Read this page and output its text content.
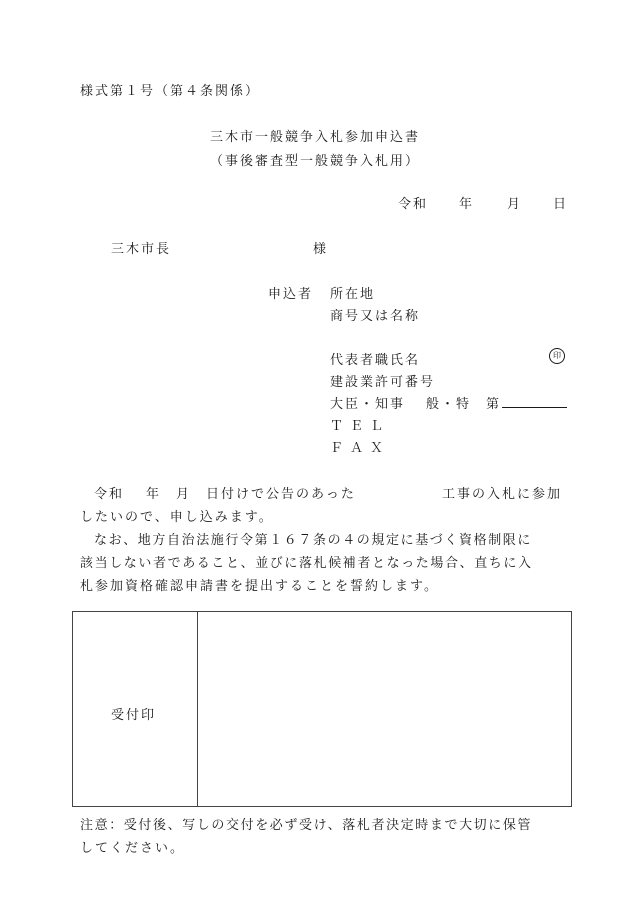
様式第１号（第４条関係）
三木市一般競争入札参加申込書
（事後審査型一般競争入札用）
令和 年	月 日
三木市長	様
申込者 所在地
商号又は名称
代表者職氏名	印
建設業許可番号
大臣・知事 般・特 第
ＴＥＬ
ＦＡＸ
令和 年 月 日付けで公告のあった	工事の入札に参加
したいので、申し込みます。
なお、地方自治法施行令第１６７条の４の規定に基づく資格制限に
該当しない者であること、並びに落札候補者となった場合、直ちに入
札参加資格確認申請書を提出することを誓約します。
受付印
注意：受付後、写しの交付を必ず受け、落札者決定時まで大切に保管
してください。
